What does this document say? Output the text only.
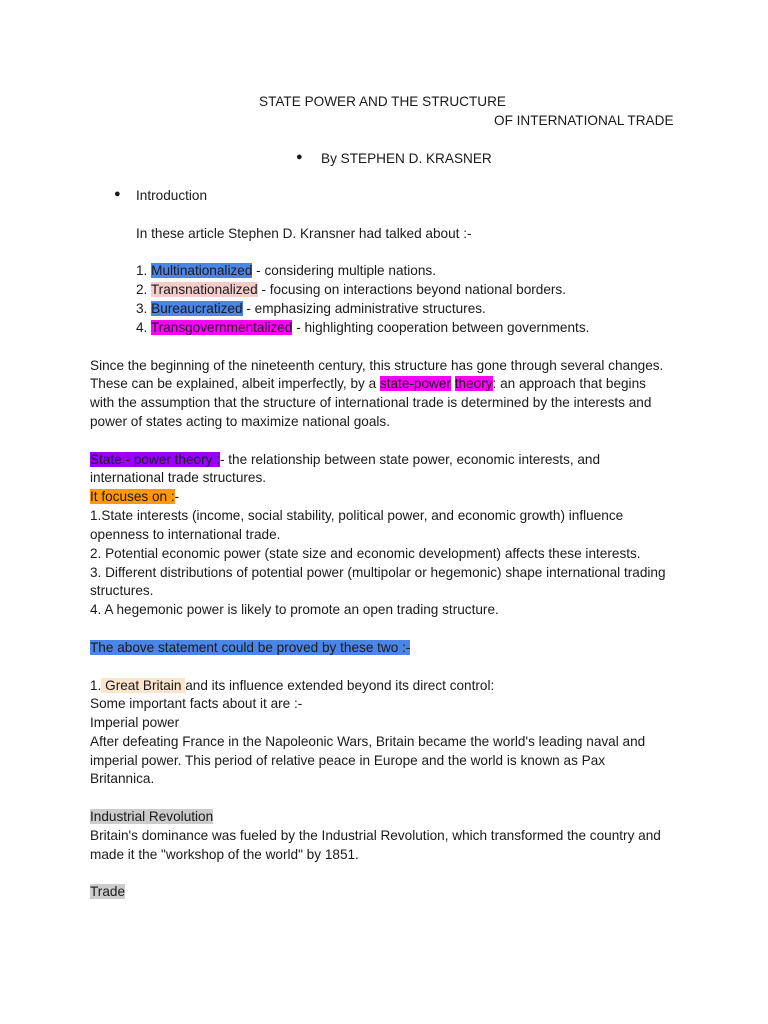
STATE POWER AND THE STRUCTURE
OF INTERNATIONAL TRADE
● By STEPHEN D. KRASNER
● Introduction
In these article Stephen D. Kransner had talked about :-
1. Multinationalized - considering multiple nations.
2. Transnationalized - focusing on interactions beyond national borders.
3. Bureaucratized - emphasizing administrative structures.
4. Transgovernmentalized - highlighting cooperation between governments.
Since the beginning of the nineteenth century, this structure has gone through several changes.
These can be explained, albeit imperfectly, by a state-power theory: an approach that begins
with the assumption that the structure of international trade is determined by the interests and
power of states acting to maximize national goals.
State - power theory :- the relationship between state power, economic interests, and
international trade structures.
It focuses on :-
1.State interests (income, social stability, political power, and economic growth) influence
openness to international trade.
2. Potential economic power (state size and economic development) affects these interests.
3. Different distributions of potential power (multipolar or hegemonic) shape international trading
structures.
4. A hegemonic power is likely to promote an open trading structure.
The above statement could be proved by these two :-
1. Great Britain and its influence extended beyond its direct control:
Some important facts about it are :-
Imperial power
After defeating France in the Napoleonic Wars, Britain became the world's leading naval and
imperial power. This period of relative peace in Europe and the world is known as Pax
Britannica.
Industrial Revolution
Britain's dominance was fueled by the Industrial Revolution, which transformed the country and
made it the "workshop of the world" by 1851.
Trade
